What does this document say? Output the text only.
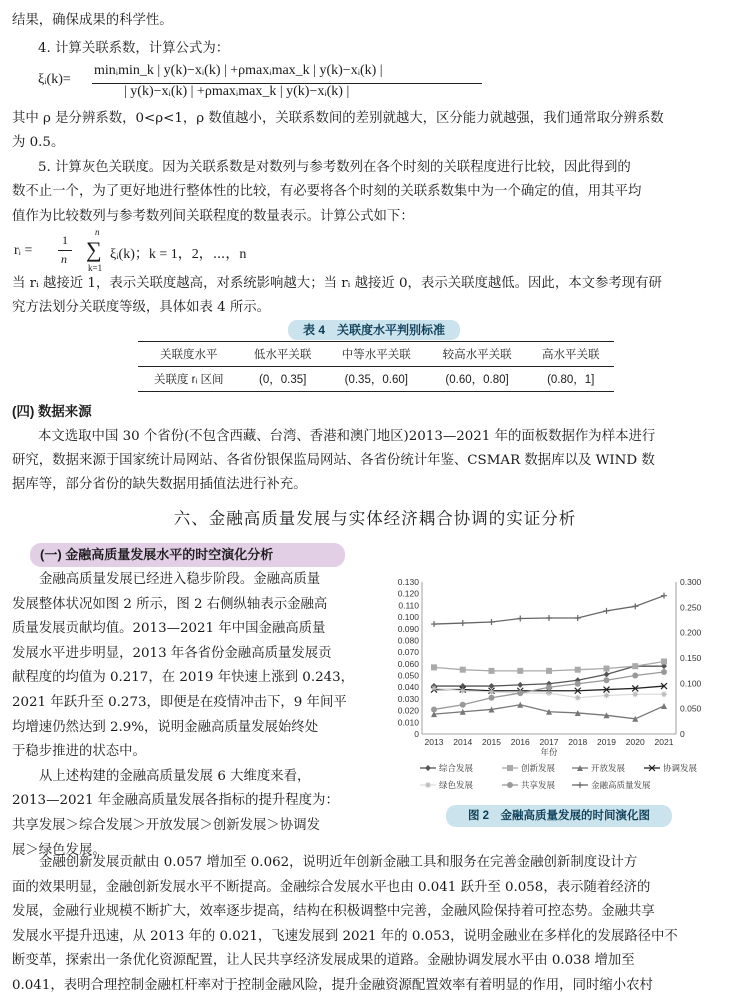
结果，确保成果的科学性。

4. 计算关联系数，计算公式为：

ξᵢ(k)=
minᵢmin_k | y(k)−xᵢ(k) | +ρmaxᵢmax_k | y(k)−xᵢ(k) |
| y(k)−xᵢ(k) | +ρmaxᵢmax_k | y(k)−xᵢ(k) |

其中 ρ 是分辨系数，0<ρ<1，ρ 数值越小，关联系数间的差别就越大，区分能力就越强，我们通常取分辨系数

为 0.5。

5. 计算灰色关联度。因为关联系数是对数列与参考数列在各个时刻的关联程度进行比较，因此得到的

数不止一个，为了更好地进行整体性的比较，有必要将各个时刻的关联系数集中为一个确定的值，用其平均

值作为比较数列与参考数列间关联程度的数量表示。计算公式如下：

rᵢ =
1
n
n
∑
k=1
ξᵢ(k)；k = 1，2，⋯，n

当 rᵢ 越接近 1，表示关联度越高，对系统影响越大；当 rᵢ 越接近 0，表示关联度越低。因此，本文参考现有研

究方法划分关联度等级，具体如表 4 所示。

表 4　关联度水平判别标准
关联度水平	低水平关联	中等水平关联	较高水平关联	高水平关联
关联度 rᵢ 区间	(0，0.35]	(0.35，0.60]	(0.60，0.80]	(0.80，1]

(四) 数据来源

本文选取中国 30 个省份(不包含西藏、台湾、香港和澳门地区)2013—2021 年的面板数据作为样本进行

研究，数据来源于国家统计局网站、各省份银保监局网站、各省份统计年鉴、CSMAR 数据库以及 WIND 数

据库等，部分省份的缺失数据用插值法进行补充。

六、金融高质量发展与实体经济耦合协调的实证分析

(一) 金融高质量发展水平的时空演化分析

金融高质量发展已经进入稳步阶段。金融高质量

发展整体状况如图 2 所示，图 2 右侧纵轴表示金融高

质量发展贡献均值。2013—2021 年中国金融高质量

发展水平进步明显，2013 年各省份金融高质量发展贡

献程度的均值为 0.217，在 2019 年快速上涨到 0.243，

2021 年跃升至 0.273，即便是在疫情冲击下，9 年间平

均增速仍然达到 2.9%，说明金融高质量发展始终处

于稳步推进的状态中。

从上述构建的金融高质量发展 6 大维度来看，

2013—2021 年金融高质量发展各指标的提升程度为：

共享发展＞综合发展＞开放发展＞创新发展＞协调发

展＞绿色发展。

0
0.010
0.020
0.030
0.040
0.050
0.060
0.070
0.080
0.090
0.100
0.110
0.120
0.130
0
0.050
0.100
0.150
0.200
0.250
0.300
2013 2014 2015 2016 2017 2018 2019 2020 2021
年份
综合发展	创新发展	开放发展	协调发展
绿色发展	共享发展	金融高质量发展
图 2　金融高质量发展的时间演化图

金融创新发展贡献由 0.057 增加至 0.062，说明近年创新金融工具和服务在完善金融创新制度设计方

面的效果明显，金融创新发展水平不断提高。金融综合发展水平也由 0.041 跃升至 0.058，表示随着经济的

发展，金融行业规模不断扩大，效率逐步提高，结构在积极调整中完善，金融风险保持着可控态势。金融共享

发展水平提升迅速，从 2013 年的 0.021，飞速发展到 2021 年的 0.053，说明金融业在多样化的发展路径中不

断变革，探索出一条优化资源配置，让人民共享经济发展成果的道路。金融协调发展水平由 0.038 增加至

0.041，表明合理控制金融杠杆率对于控制金融风险，提升金融资源配置效率有着明显的作用，同时缩小农村
